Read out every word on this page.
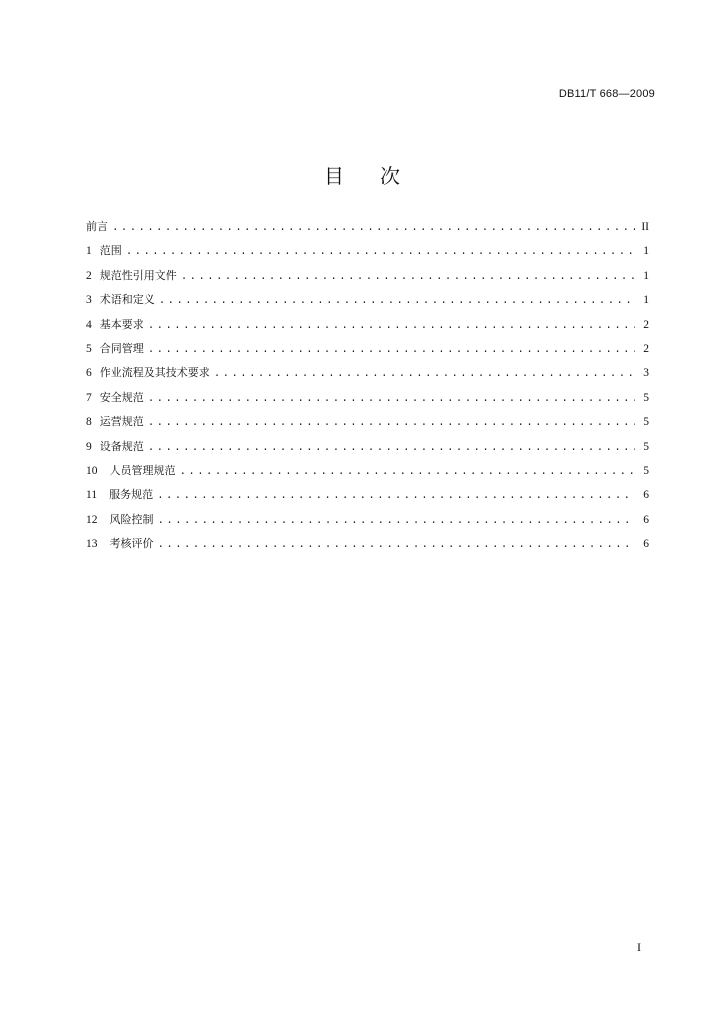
DB11/T 668—2009
目次
前言 .....	II
1 范围 .....	1
2 规范性引用文件 .....	1
3 术语和定义 .....	1
4 基本要求 .....	2
5 合同管理 .....	2
6 作业流程及其技术要求 .....	3
7 安全规范 .....	5
8 运营规范 .....	5
9 设备规范 .....	5
10 人员管理规范 .....	5
11 服务规范 .....	6
12 风险控制 .....	6
13 考核评价 .....	6
I
